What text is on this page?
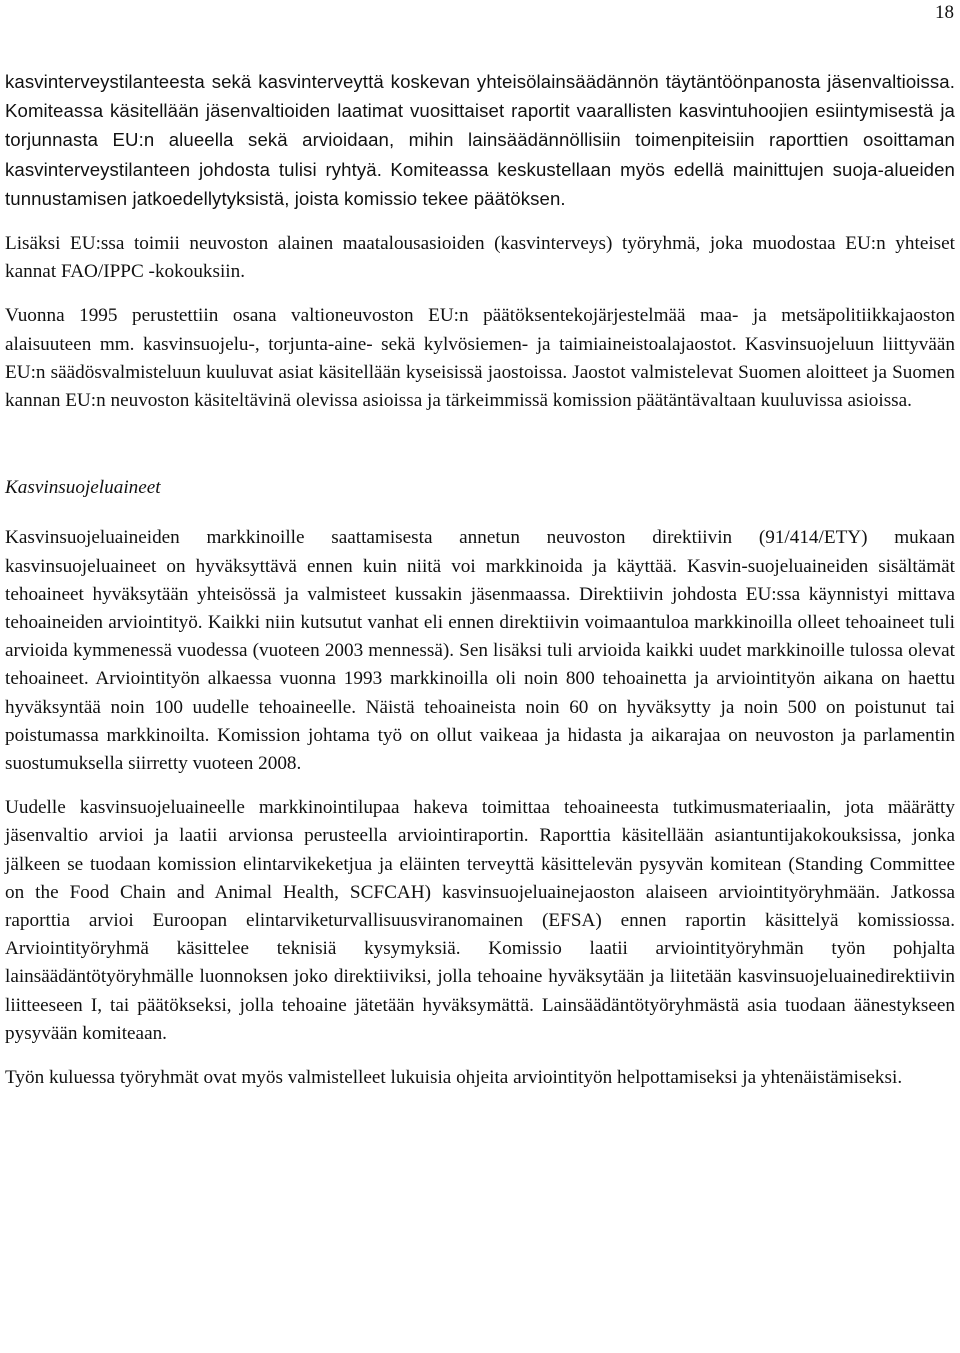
18

kasvinterveystilanteesta sekä kasvinterveyttä koskevan yhteisölainsäädännön täytäntöönpanosta jäsenvaltioissa. Komiteassa käsitellään jäsenvaltioiden laatimat vuosittaiset raportit vaarallisten kasvintuhoojien esiintymisestä ja torjunnasta EU:n alueella sekä arvioidaan, mihin lainsäädännöllisiin toimenpiteisiin raporttien osoittaman kasvinterveystilanteen johdosta tulisi ryhtyä. Komiteassa keskustellaan myös edellä mainittujen suoja-alueiden tunnustamisen jatkoedellytyksistä, joista komissio tekee päätöksen.

Lisäksi EU:ssa toimii neuvoston alainen maatalousasioiden (kasvinterveys) työryhmä, joka muodostaa EU:n yhteiset kannat FAO/IPPC -kokouksiin.

Vuonna 1995 perustettiin osana valtioneuvoston EU:n päätöksentekojärjestelmää maa- ja metsäpolitiikkajaoston alaisuuteen mm. kasvinsuojelu-, torjunta-aine- sekä kylvösiemen- ja taimiaineistoalajaostot. Kasvinsuojeluun liittyvään EU:n säädösvalmisteluun kuuluvat asiat käsitellään kyseisissä jaostoissa. Jaostot valmistelevat Suomen aloitteet ja Suomen kannan EU:n neuvoston käsiteltävinä olevissa asioissa ja tärkeimmissä komission päätäntävaltaan kuuluvissa asioissa.

Kasvinsuojeluaineet

Kasvinsuojeluaineiden markkinoille saattamisesta annetun neuvoston direktiivin (91/414/ETY) mukaan kasvinsuojeluaineet on hyväksyttävä ennen kuin niitä voi markkinoida ja käyttää. Kasvin-suojeluaineiden sisältämät tehoaineet hyväksytään yhteisössä ja valmisteet kussakin jäsenmaassa. Direktiivin johdosta EU:ssa käynnistyi mittava tehoaineiden arviointityö. Kaikki niin kutsutut vanhat eli ennen direktiivin voimaantuloa markkinoilla olleet tehoaineet tuli arvioida kymmenessä vuodessa (vuoteen 2003 mennessä). Sen lisäksi tuli arvioida kaikki uudet markkinoille tulossa olevat tehoaineet. Arviointityön alkaessa vuonna 1993 markkinoilla oli noin 800 tehoainetta ja arviointityön aikana on haettu hyväksyntää noin 100 uudelle tehoaineelle. Näistä tehoaineista noin 60 on hyväksytty ja noin 500 on poistunut tai poistumassa markkinoilta. Komission johtama työ on ollut vaikeaa ja hidasta ja aikarajaa on neuvoston ja parlamentin suostumuksella siirretty vuoteen 2008.

Uudelle kasvinsuojeluaineelle markkinointilupaa hakeva toimittaa tehoaineesta tutkimusmateriaalin, jota määrätty jäsenvaltio arvioi ja laatii arvionsa perusteella arviointiraportin. Raporttia käsitellään asiantuntijakokouksissa, jonka jälkeen se tuodaan komission elintarvikeketjua ja eläinten terveyttä käsittelevän pysyvän komitean (Standing Committee on the Food Chain and Animal Health, SCFCAH) kasvinsuojeluainejaoston alaiseen arviointityöryhmään. Jatkossa raporttia arvioi Euroopan elintarviketurvallisuusviranomainen (EFSA) ennen raportin käsittelyä komissiossa. Arviointityöryhmä käsittelee teknisiä kysymyksiä. Komissio laatii arviointityöryhmän työn pohjalta lainsäädäntötyöryhmälle luonnoksen joko direktiiviksi, jolla tehoaine hyväksytään ja liitetään kasvinsuojeluainedirektiivin liitteeseen I, tai päätökseksi, jolla tehoaine jätetään hyväksymättä. Lainsäädäntötyöryhmästä asia tuodaan äänestykseen pysyvään komiteaan.

Työn kuluessa työryhmät ovat myös valmistelleet lukuisia ohjeita arviointityön helpottamiseksi ja yhtenäistämiseksi.
